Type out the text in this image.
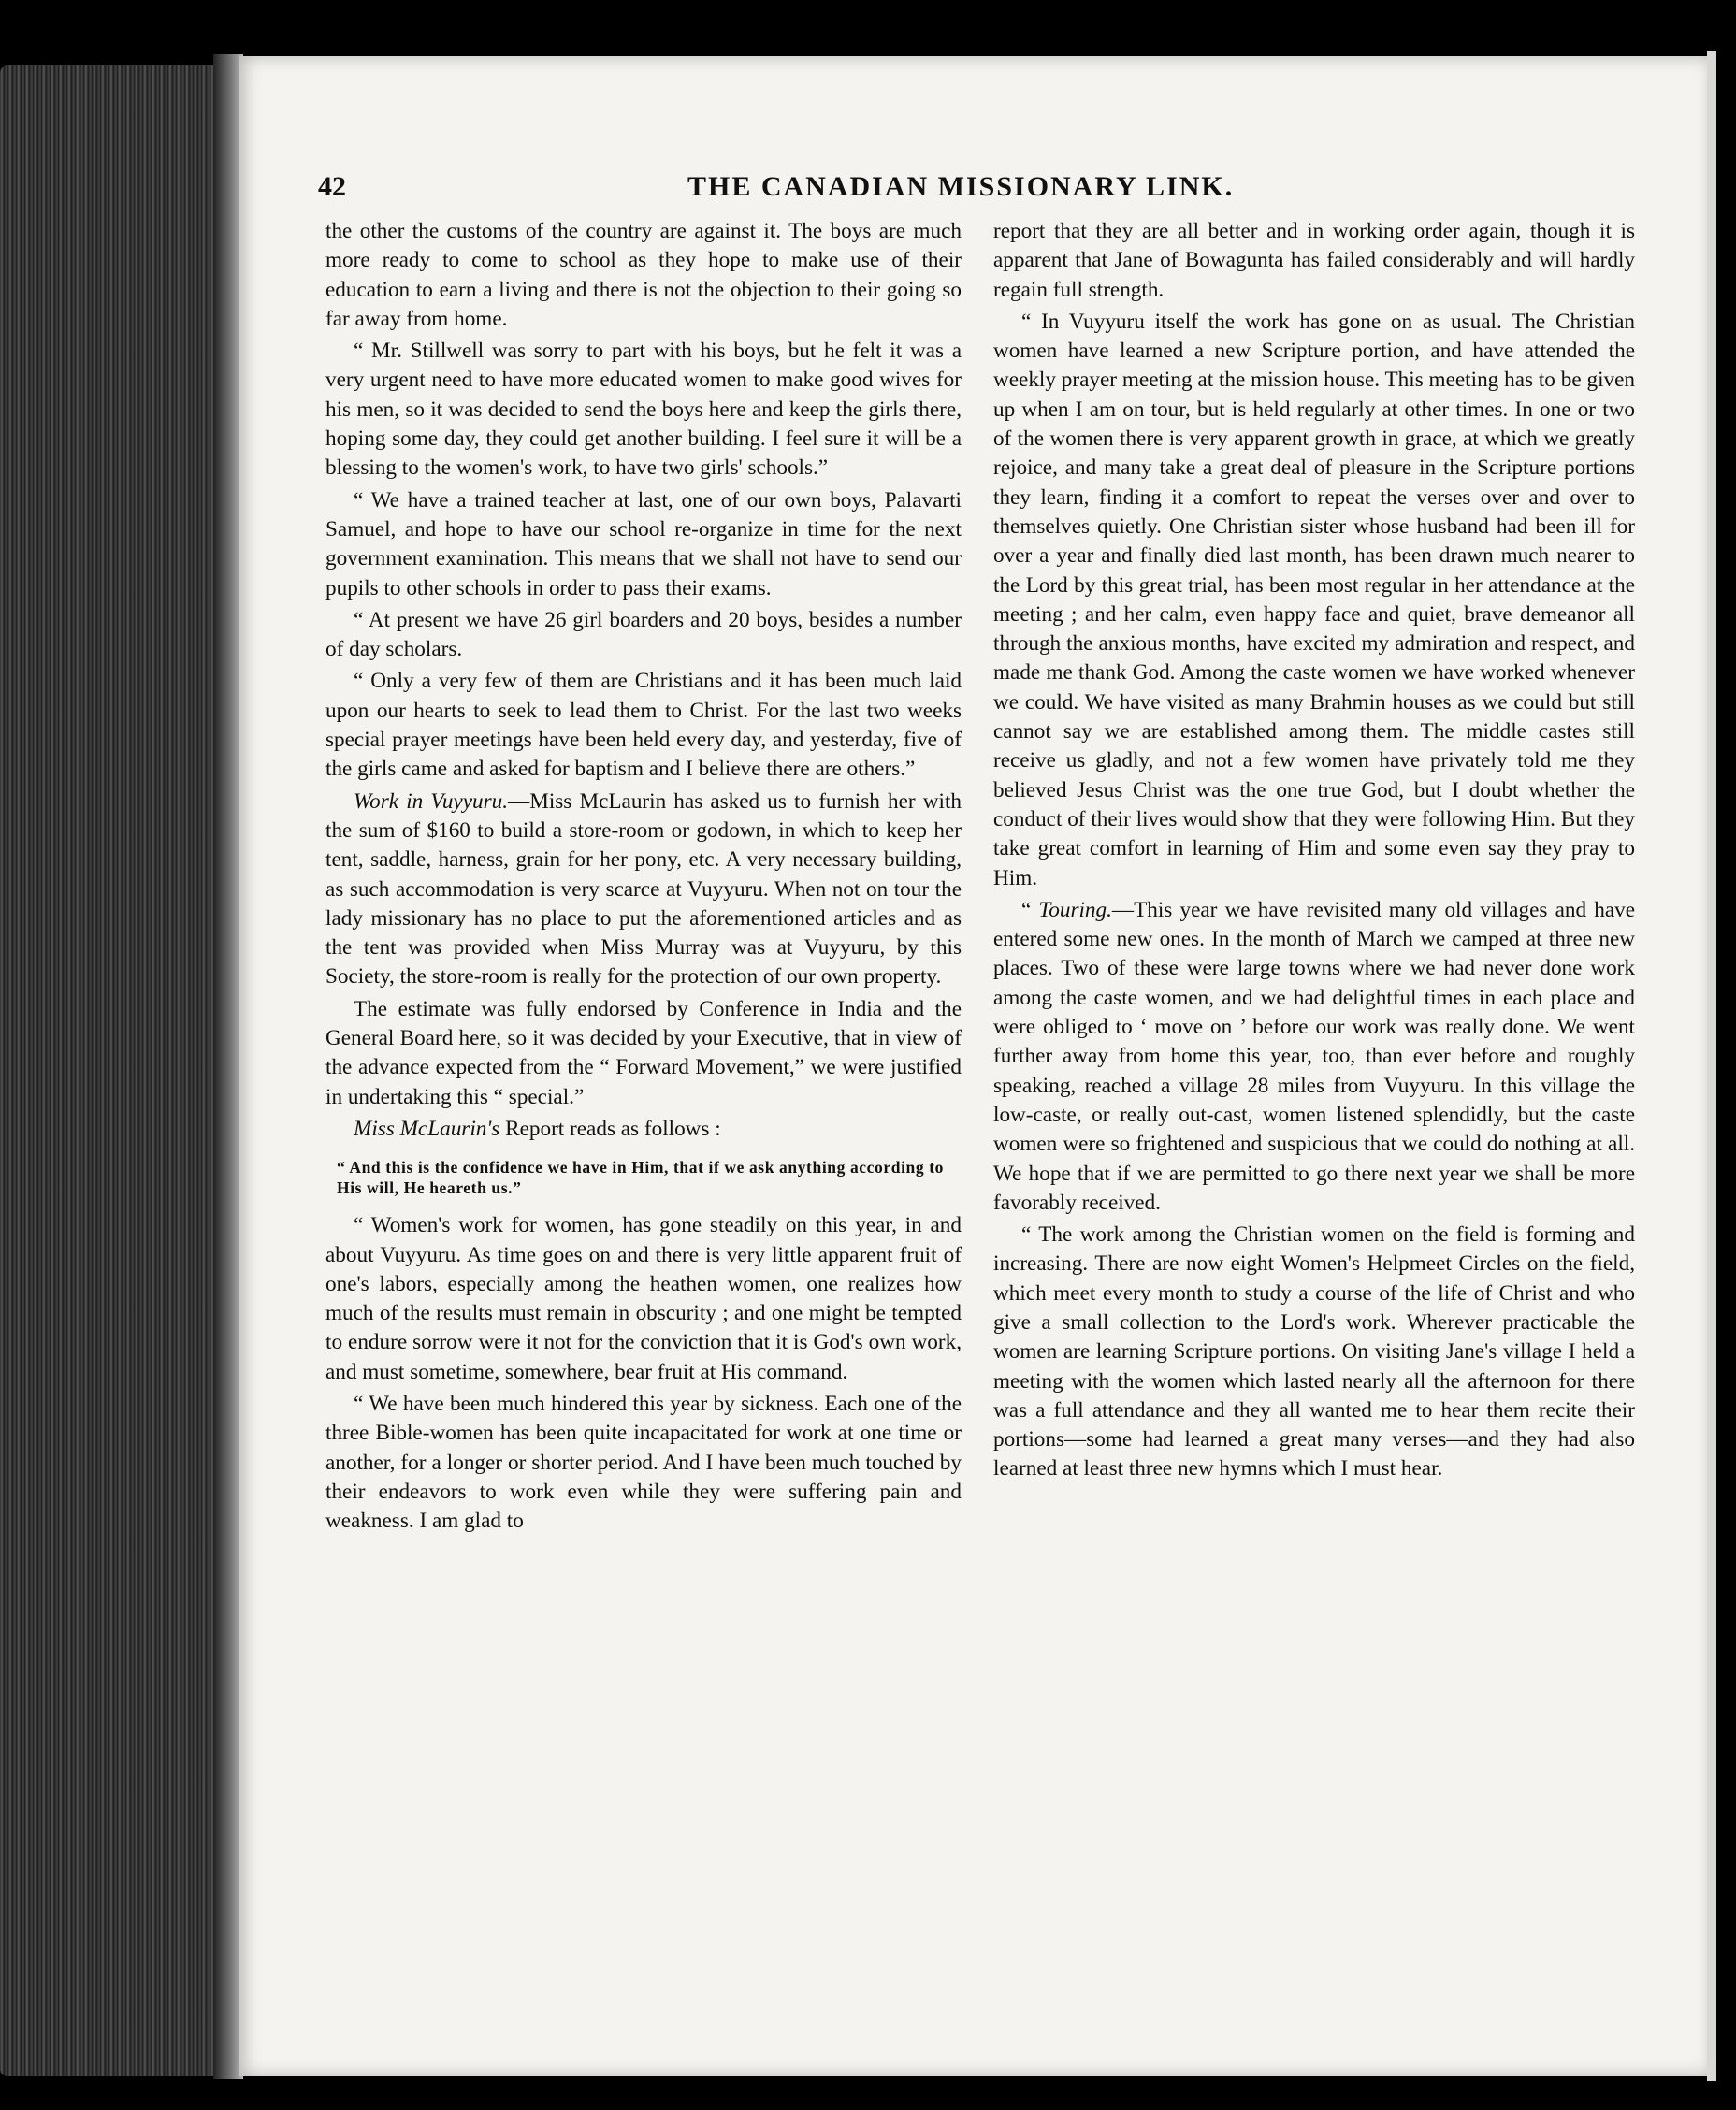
42	THE CANADIAN MISSIONARY LINK.

the other the customs of the country are against it. The boys are much more ready to come to school as they hope to make use of their education to earn a living and there is not the objection to their going so far away from home.

“ Mr. Stillwell was sorry to part with his boys, but he felt it was a very urgent need to have more educated women to make good wives for his men, so it was decided to send the boys here and keep the girls there, hoping some day, they could get another building. I feel sure it will be a blessing to the women's work, to have two girls' schools.”

“ We have a trained teacher at last, one of our own boys, Palavarti Samuel, and hope to have our school re-organize in time for the next government examination. This means that we shall not have to send our pupils to other schools in order to pass their exams.

“ At present we have 26 girl boarders and 20 boys, besides a number of day scholars.

“ Only a very few of them are Christians and it has been much laid upon our hearts to seek to lead them to Christ. For the last two weeks special prayer meetings have been held every day, and yesterday, five of the girls came and asked for baptism and I believe there are others.”

Work in Vuyyuru.—Miss McLaurin has asked us to furnish her with the sum of $160 to build a store-room or godown, in which to keep her tent, saddle, harness, grain for her pony, etc. A very necessary building, as such accommodation is very scarce at Vuyyuru. When not on tour the lady missionary has no place to put the aforementioned articles and as the tent was provided when Miss Murray was at Vuyyuru, by this Society, the store-room is really for the protection of our own property.

The estimate was fully endorsed by Conference in India and the General Board here, so it was decided by your Executive, that in view of the advance expected from the “ Forward Movement,” we were justified in undertaking this “ special.”

Miss McLaurin's Report reads as follows :

“ And this is the confidence we have in Him, that if we ask anything according to His will, He heareth us.”

“ Women's work for women, has gone steadily on this year, in and about Vuyyuru. As time goes on and there is very little apparent fruit of one's labors, especially among the heathen women, one realizes how much of the results must remain in obscurity ; and one might be tempted to endure sorrow were it not for the conviction that it is God's own work, and must sometime, somewhere, bear fruit at His command.

“ We have been much hindered this year by sickness. Each one of the three Bible-women has been quite incapacitated for work at one time or another, for a longer or shorter period. And I have been much touched by their endeavors to work even while they were suffering pain and weakness. I am glad to

report that they are all better and in working order again, though it is apparent that Jane of Bowagunta has failed considerably and will hardly regain full strength.

“ In Vuyyuru itself the work has gone on as usual. The Christian women have learned a new Scripture portion, and have attended the weekly prayer meeting at the mission house. This meeting has to be given up when I am on tour, but is held regularly at other times. In one or two of the women there is very apparent growth in grace, at which we greatly rejoice, and many take a great deal of pleasure in the Scripture portions they learn, finding it a comfort to repeat the verses over and over to themselves quietly. One Christian sister whose husband had been ill for over a year and finally died last month, has been drawn much nearer to the Lord by this great trial, has been most regular in her attendance at the meeting ; and her calm, even happy face and quiet, brave demeanor all through the anxious months, have excited my admiration and respect, and made me thank God. Among the caste women we have worked whenever we could. We have visited as many Brahmin houses as we could but still cannot say we are established among them. The middle castes still receive us gladly, and not a few women have privately told me they believed Jesus Christ was the one true God, but I doubt whether the conduct of their lives would show that they were following Him. But they take great comfort in learning of Him and some even say they pray to Him.

“ Touring.—This year we have revisited many old villages and have entered some new ones. In the month of March we camped at three new places. Two of these were large towns where we had never done work among the caste women, and we had delightful times in each place and were obliged to ‘ move on ’ before our work was really done. We went further away from home this year, too, than ever before and roughly speaking, reached a village 28 miles from Vuyyuru. In this village the low-caste, or really out-cast, women listened splendidly, but the caste women were so frightened and suspicious that we could do nothing at all. We hope that if we are permitted to go there next year we shall be more favorably received.

“ The work among the Christian women on the field is forming and increasing. There are now eight Women's Helpmeet Circles on the field, which meet every month to study a course of the life of Christ and who give a small collection to the Lord's work. Wherever practicable the women are learning Scripture portions. On visiting Jane's village I held a meeting with the women which lasted nearly all the afternoon for there was a full attendance and they all wanted me to hear them recite their portions—some had learned a great many verses—and they had also learned at least three new hymns which I must hear.
